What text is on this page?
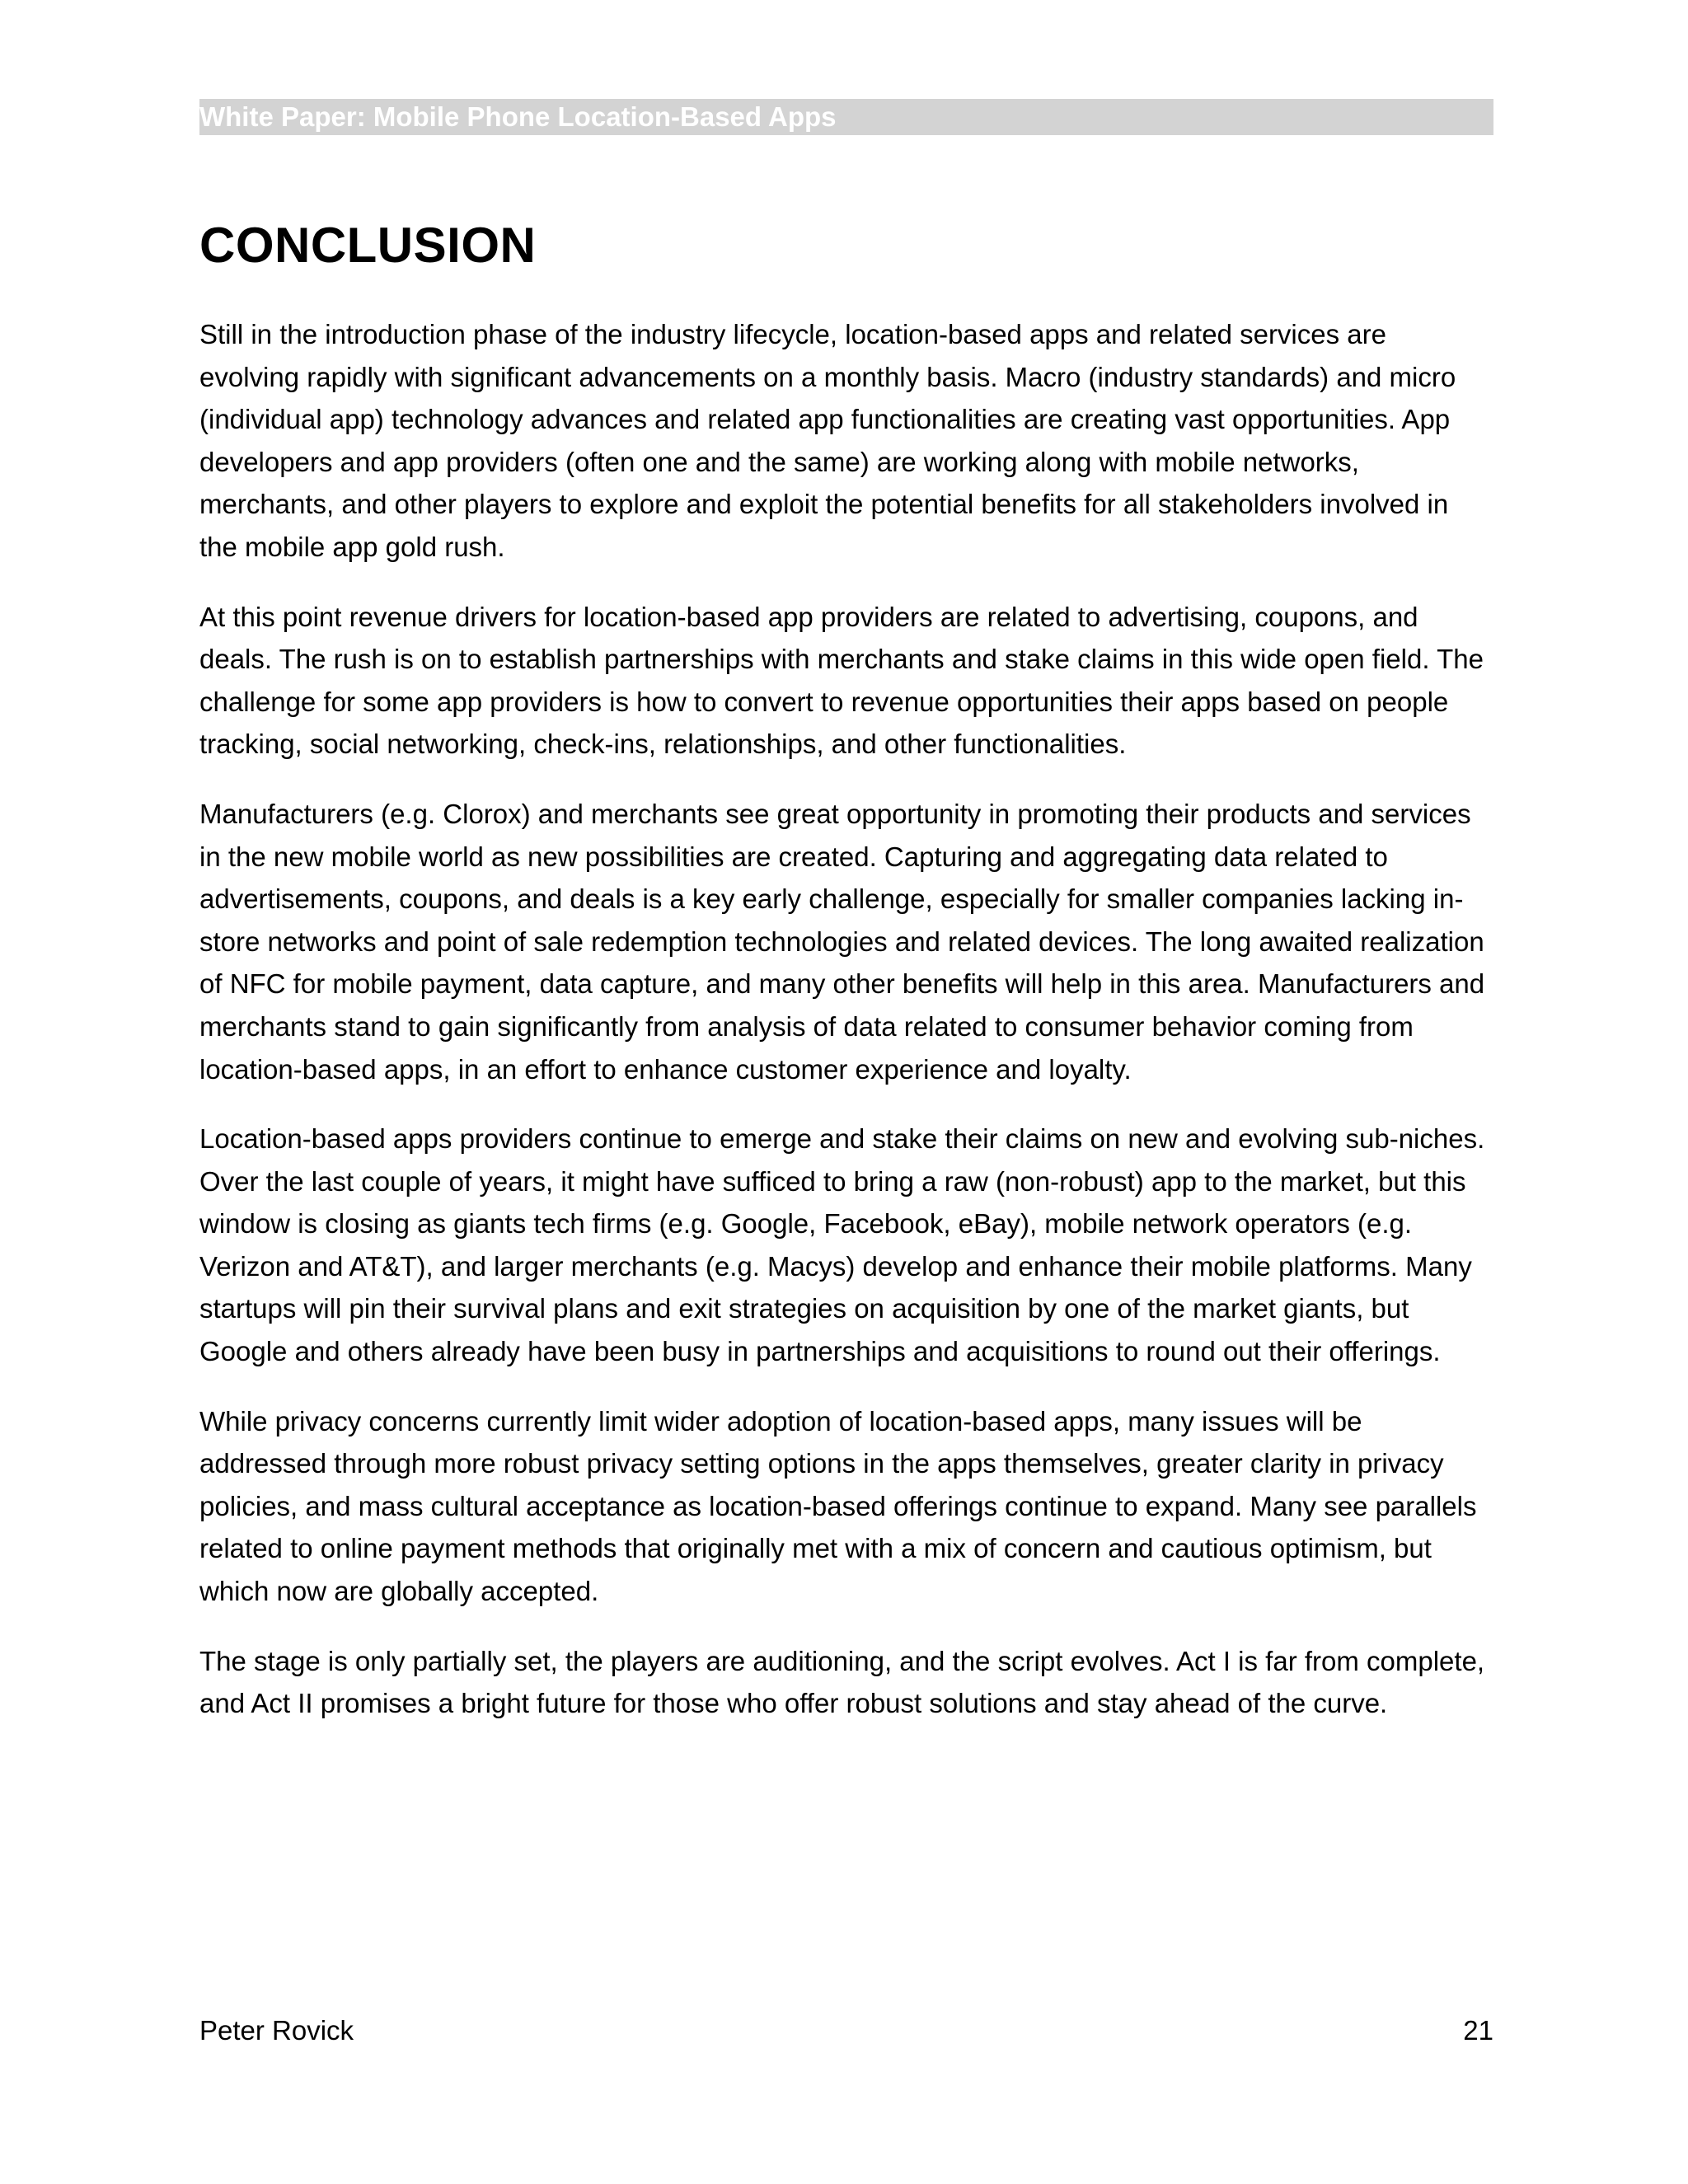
White Paper: Mobile Phone Location-Based Apps
CONCLUSION

Still in the introduction phase of the industry lifecycle, location-based apps and related services are evolving rapidly with significant advancements on a monthly basis. Macro (industry standards) and micro (individual app) technology advances and related app functionalities are creating vast opportunities. App developers and app providers (often one and the same) are working along with mobile networks, merchants, and other players to explore and exploit the potential benefits for all stakeholders involved in the mobile app gold rush.

At this point revenue drivers for location-based app providers are related to advertising, coupons, and deals. The rush is on to establish partnerships with merchants and stake claims in this wide open field. The challenge for some app providers is how to convert to revenue opportunities their apps based on people tracking, social networking, check-ins, relationships, and other functionalities.

Manufacturers (e.g. Clorox) and merchants see great opportunity in promoting their products and services in the new mobile world as new possibilities are created. Capturing and aggregating data related to advertisements, coupons, and deals is a key early challenge, especially for smaller companies lacking in-store networks and point of sale redemption technologies and related devices. The long awaited realization of NFC for mobile payment, data capture, and many other benefits will help in this area. Manufacturers and merchants stand to gain significantly from analysis of data related to consumer behavior coming from location-based apps, in an effort to enhance customer experience and loyalty.

Location-based apps providers continue to emerge and stake their claims on new and evolving sub-niches. Over the last couple of years, it might have sufficed to bring a raw (non-robust) app to the market, but this window is closing as giants tech firms (e.g. Google, Facebook, eBay), mobile network operators (e.g. Verizon and AT&T), and larger merchants (e.g. Macys) develop and enhance their mobile platforms. Many startups will pin their survival plans and exit strategies on acquisition by one of the market giants, but Google and others already have been busy in partnerships and acquisitions to round out their offerings.

While privacy concerns currently limit wider adoption of location-based apps, many issues will be addressed through more robust privacy setting options in the apps themselves, greater clarity in privacy policies, and mass cultural acceptance as location-based offerings continue to expand. Many see parallels related to online payment methods that originally met with a mix of concern and cautious optimism, but which now are globally accepted.

The stage is only partially set, the players are auditioning, and the script evolves. Act I is far from complete, and Act II promises a bright future for those who offer robust solutions and stay ahead of the curve.

Peter Rovick	21
